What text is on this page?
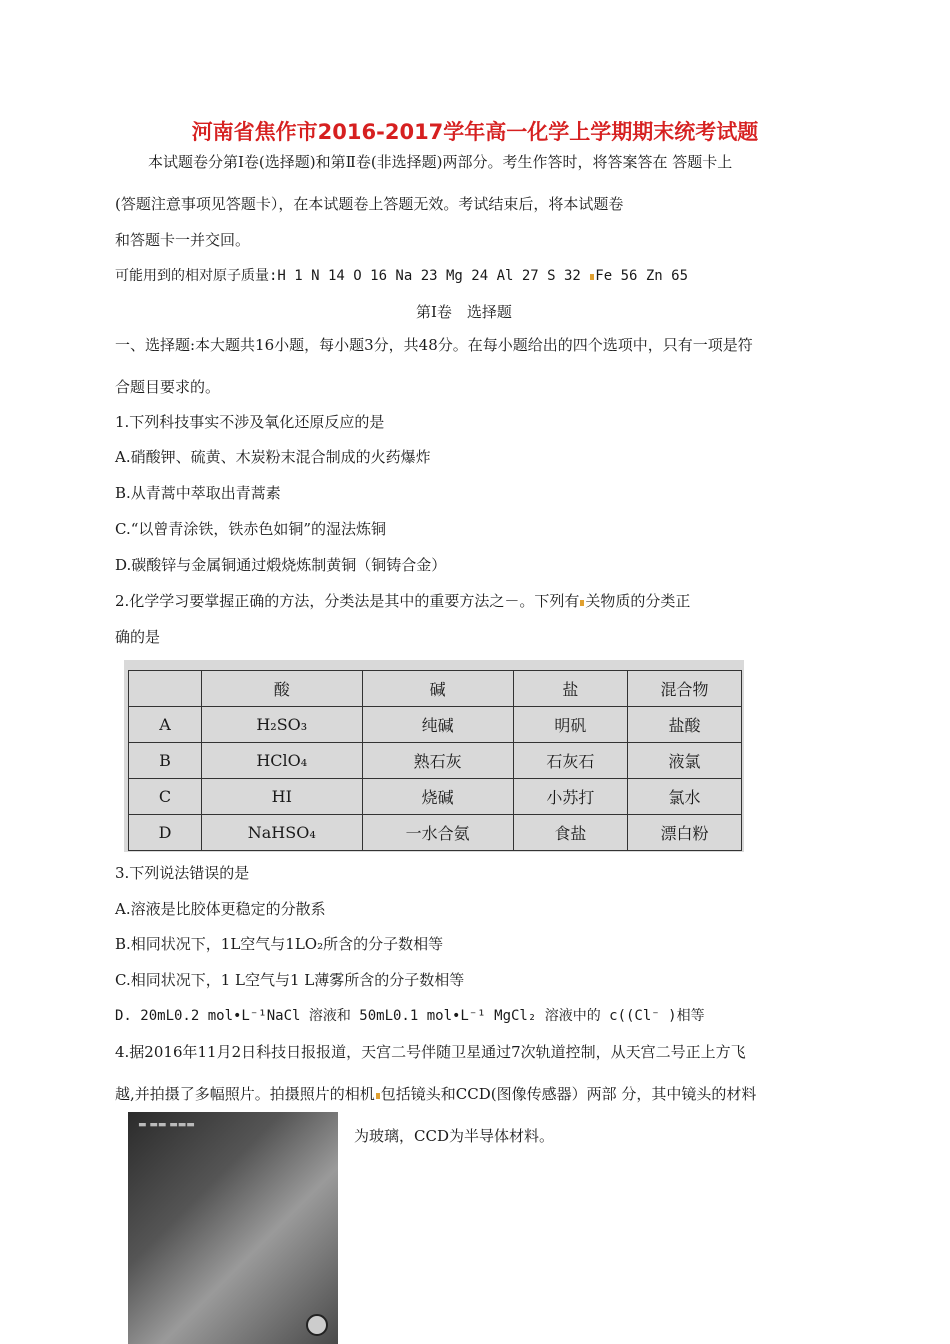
河南省焦作市2016-2017学年高一化学上学期期末统考试题
本试题卷分第Ⅰ卷(选择题)和第Ⅱ卷(非选择题)两部分。考生作答时，将答案答在 答题卡上
(答题注意事项见答题卡），在本试题卷上答题无效。考试结束后，将本试题卷
和答题卡一并交回。
可能用到的相对原子质量:H 1 N 14 O 16 Na 23 Mg 24 Al 27 S 32 Fe 56 Zn 65
第Ⅰ卷　选择题
一、选择题:本大题共16小题，每小题3分，共48分。在每小题给出的四个选项中，只有一项是符
合题目要求的。
1.下列科技事实不涉及氧化还原反应的是
A.硝酸钾、硫黄、木炭粉末混合制成的火药爆炸
B.从青蒿中萃取出青蒿素
C.“以曾青涂铁，铁赤色如铜”的湿法炼铜
D.碳酸锌与金属铜通过煅烧炼制黄铜（铜铸合金）
2.化学学习要掌握正确的方法，分类法是其中的重要方法之－。下列有 关物质的分类正
确的是
	酸	碱	盐	混合物
A	H₂SO₃	纯碱	明矾	盐酸
B	HClO₄	熟石灰	石灰石	液氯
C	HI	烧碱	小苏打	氯水
D	NaHSO₄	一水合氨	食盐	漂白粉
3.下列说法错误的是
A.溶液是比胶体更稳定的分散系
B.相同状况下，1L空气与1LO₂所含的分子数相等
C.相同状况下，1 L空气与1 L薄雾所含的分子数相等
D. 20mL0.2 mol•L⁻¹NaCl 溶液和 50mL0.1 mol•L⁻¹ MgCl₂ 溶液中的 c((Cl⁻ )相等
4.据2016年11月2日科技日报报道，天宫二号伴随卫星通过7次轨道控制，从天宫二号正上方飞
越,并拍摄了多幅照片。拍摄照片的相机 包括镜头和CCD(图像传感器）两部 分，其中镜头的材料
为玻璃，CCD为半导体材料。
▬ ▬▬ ▬▬▬
